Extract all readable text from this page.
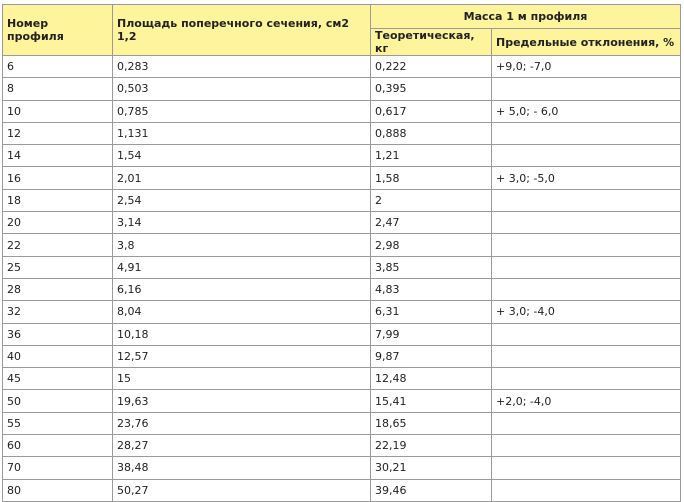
Номер профиля	Площадь поперечного сечения, см2 1,2	Масса 1 м профиля	
		Теоретическая, кг	Предельные отклонения, %
6	0,283	0,222	+9,0; -7,0
8	0,503	0,395	
10	0,785	0,617	+ 5,0; - 6,0
12	1,131	0,888	
14	1,54	1,21	
16	2,01	1,58	+ 3,0; -5,0
18	2,54	2	
20	3,14	2,47	
22	3,8	2,98	
25	4,91	3,85	
28	6,16	4,83	
32	8,04	6,31	+ 3,0; -4,0
36	10,18	7,99	
40	12,57	9,87	
45	15	12,48	
50	19,63	15,41	+2,0; -4,0
55	23,76	18,65	
60	28,27	22,19	
70	38,48	30,21	
80	50,27	39,46	
